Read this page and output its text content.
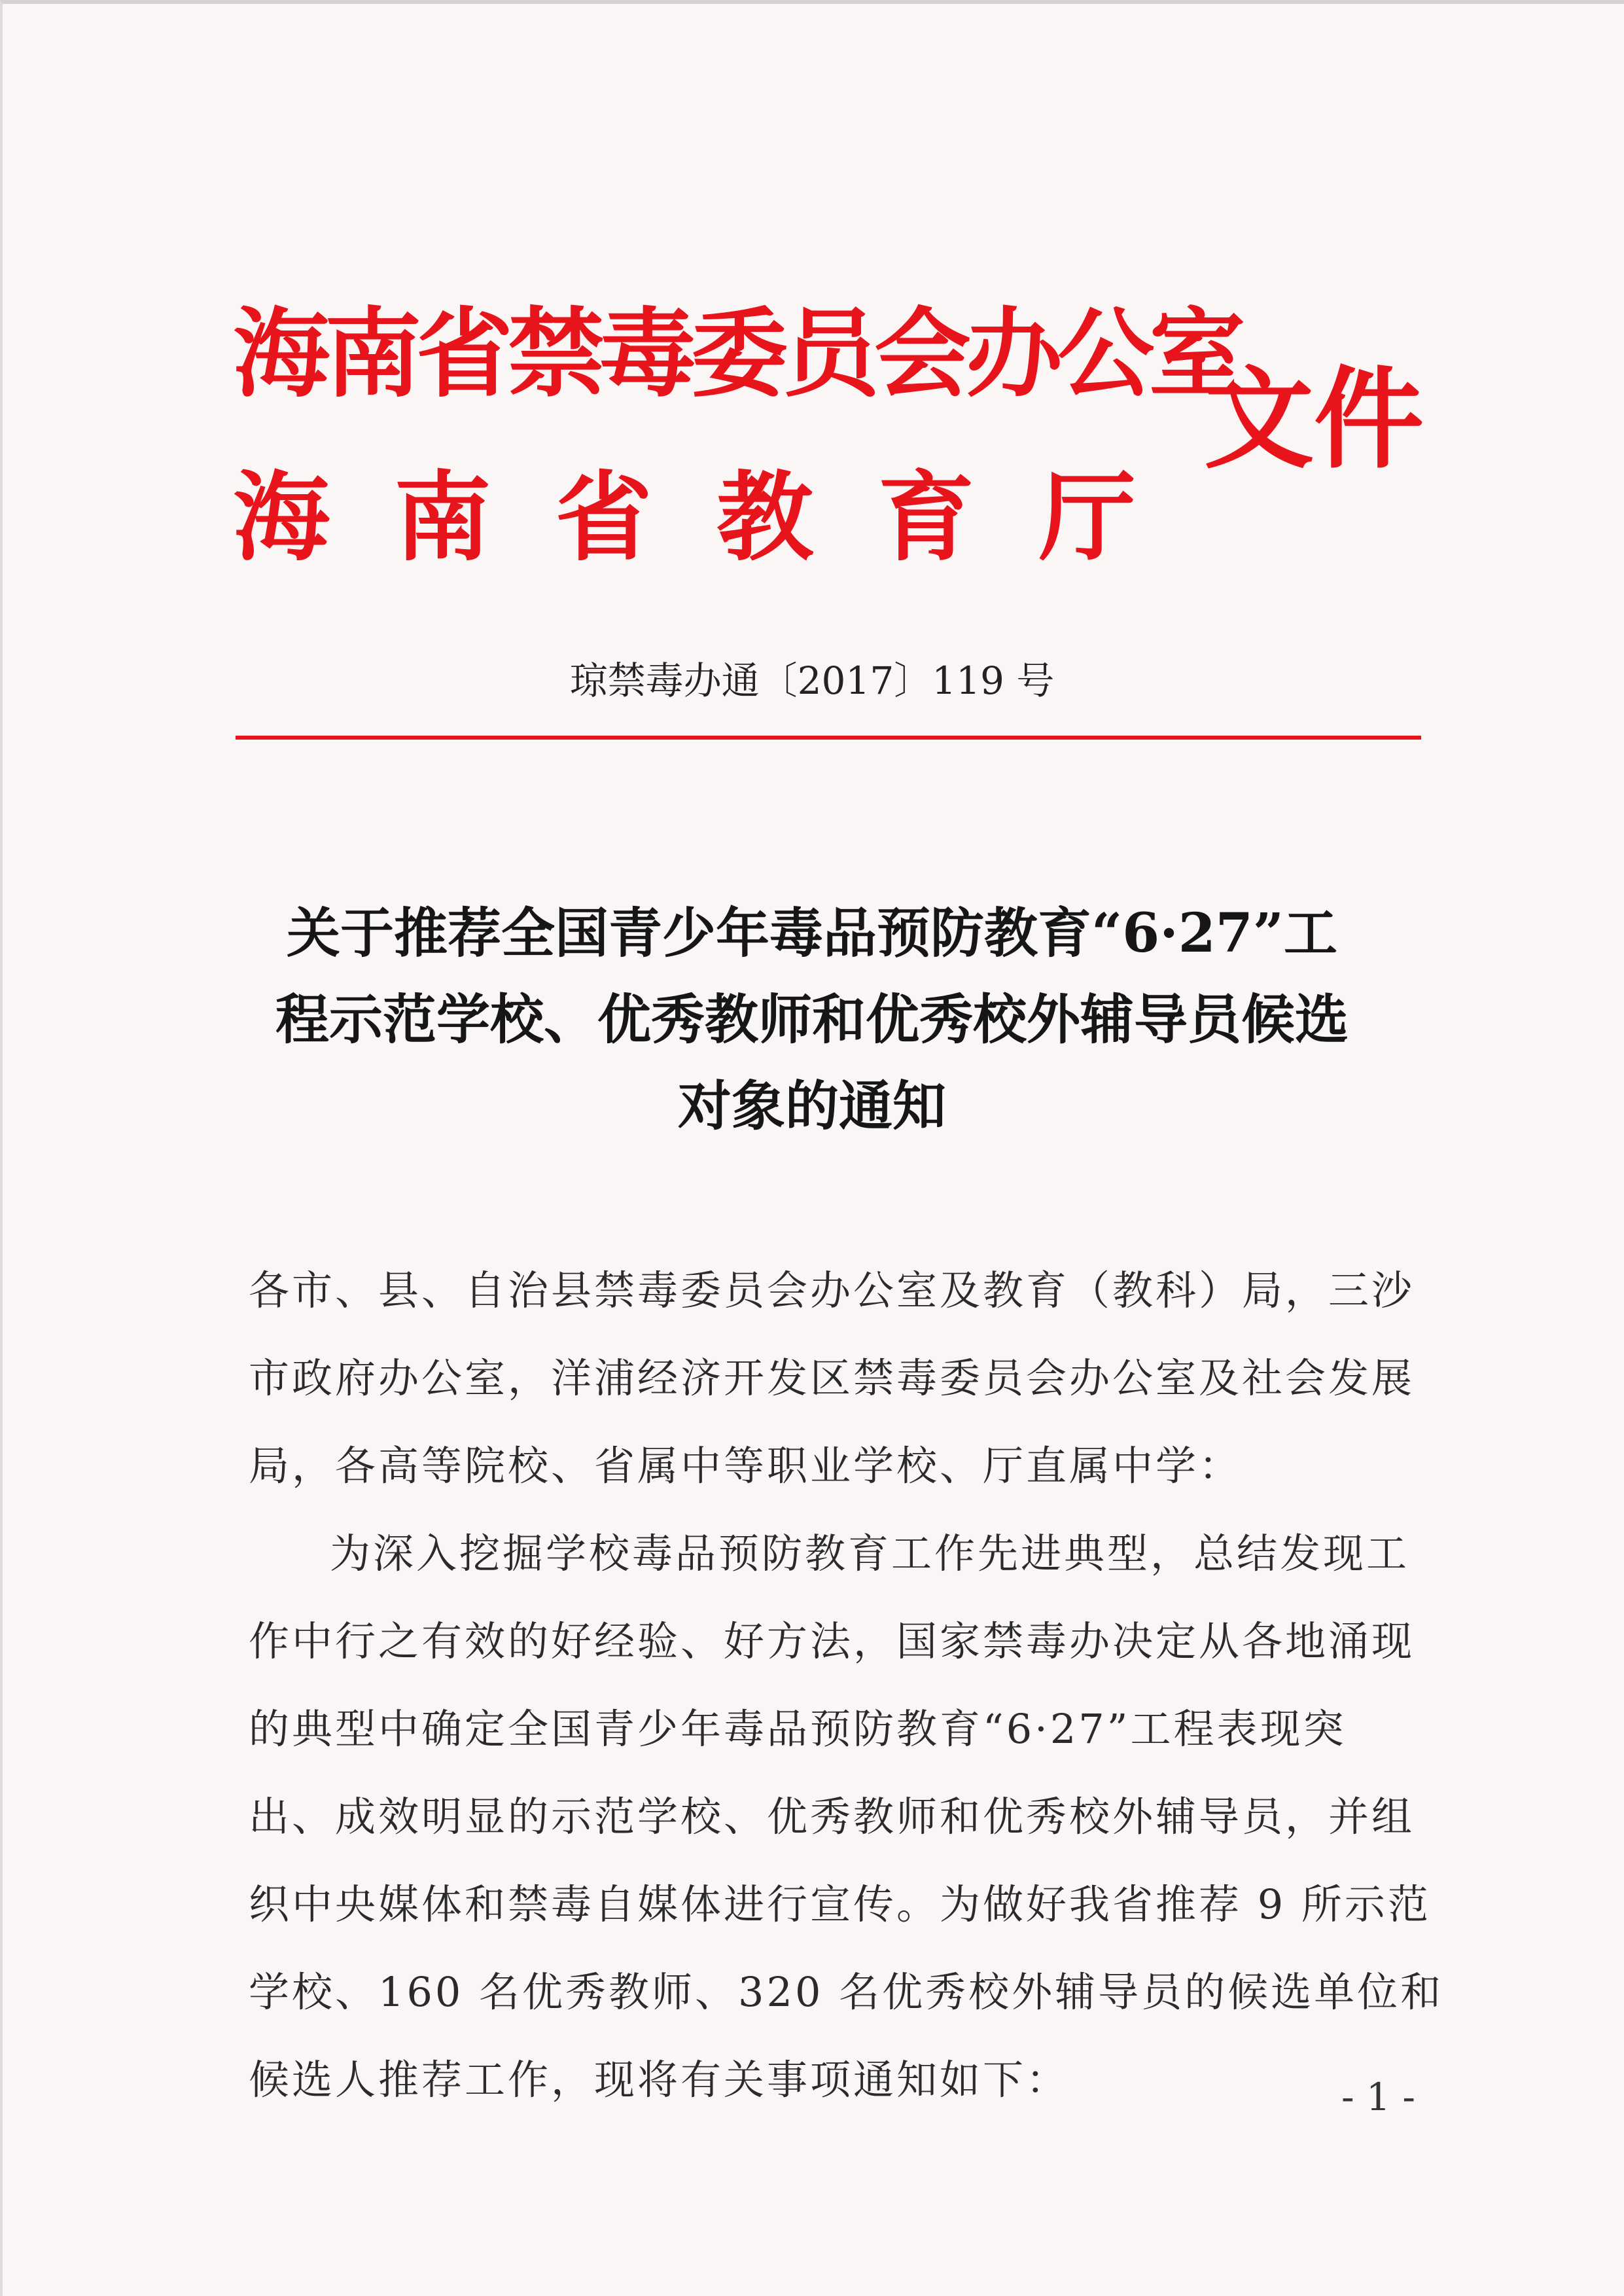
海南省禁毒委员会办公室
海 南 省 教 育 厅
文件
琼禁毒办通〔2017〕119 号
关于推荐全国青少年毒品预防教育“6·27”工
程示范学校、优秀教师和优秀校外辅导员候选
对象的通知

各市、县、自治县禁毒委员会办公室及教育（教科）局，三沙

市政府办公室，洋浦经济开发区禁毒委员会办公室及社会发展

局，各高等院校、省属中等职业学校、厅直属中学：

为深入挖掘学校毒品预防教育工作先进典型，总结发现工

作中行之有效的好经验、好方法，国家禁毒办决定从各地涌现

的典型中确定全国青少年毒品预防教育“6·27”工程表现突

出、成效明显的示范学校、优秀教师和优秀校外辅导员，并组

织中央媒体和禁毒自媒体进行宣传。为做好我省推荐 9 所示范

学校、160 名优秀教师、320 名优秀校外辅导员的候选单位和

候选人推荐工作，现将有关事项通知如下：	- 1 -
